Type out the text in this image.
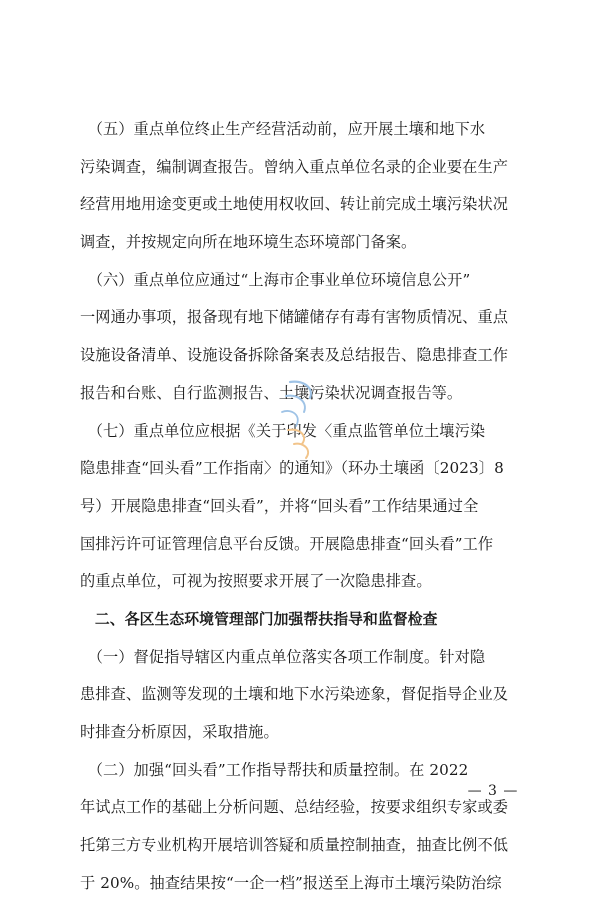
　（五）重点单位终止生产经营活动前，应开展土壤和地下水
污染调查，编制调查报告。曾纳入重点单位名录的企业要在生产
经营用地用途变更或土地使用权收回、转让前完成土壤污染状况
调查，并按规定向所在地环境生态环境部门备案。
　（六）重点单位应通过“上海市企事业单位环境信息公开”
一网通办事项，报备现有地下储罐储存有毒有害物质情况、重点
设施设备清单、设施设备拆除备案表及总结报告、隐患排查工作
报告和台账、自行监测报告、土壤污染状况调查报告等。
　（七）重点单位应根据《关于印发〈重点监管单位土壤污染
隐患排查“回头看”工作指南〉的通知》（环办土壤函〔2023〕8
号）开展隐患排查“回头看”，并将“回头看”工作结果通过全
国排污许可证管理信息平台反馈。开展隐患排查“回头看”工作
的重点单位，可视为按照要求开展了一次隐患排查。
　二、各区生态环境管理部门加强帮扶指导和监督检查
　（一）督促指导辖区内重点单位落实各项工作制度。针对隐
患排查、监测等发现的土壤和地下水污染迹象，督促指导企业及
时排查分析原因，采取措施。
　（二）加强“回头看”工作指导帮扶和质量控制。在 2022
年试点工作的基础上分析问题、总结经验，按要求组织专家或委
托第三方专业机构开展培训答疑和质量控制抽查，抽查比例不低
于 20%。抽查结果按“一企一档”报送至上海市土壤污染防治综
— 3 —
